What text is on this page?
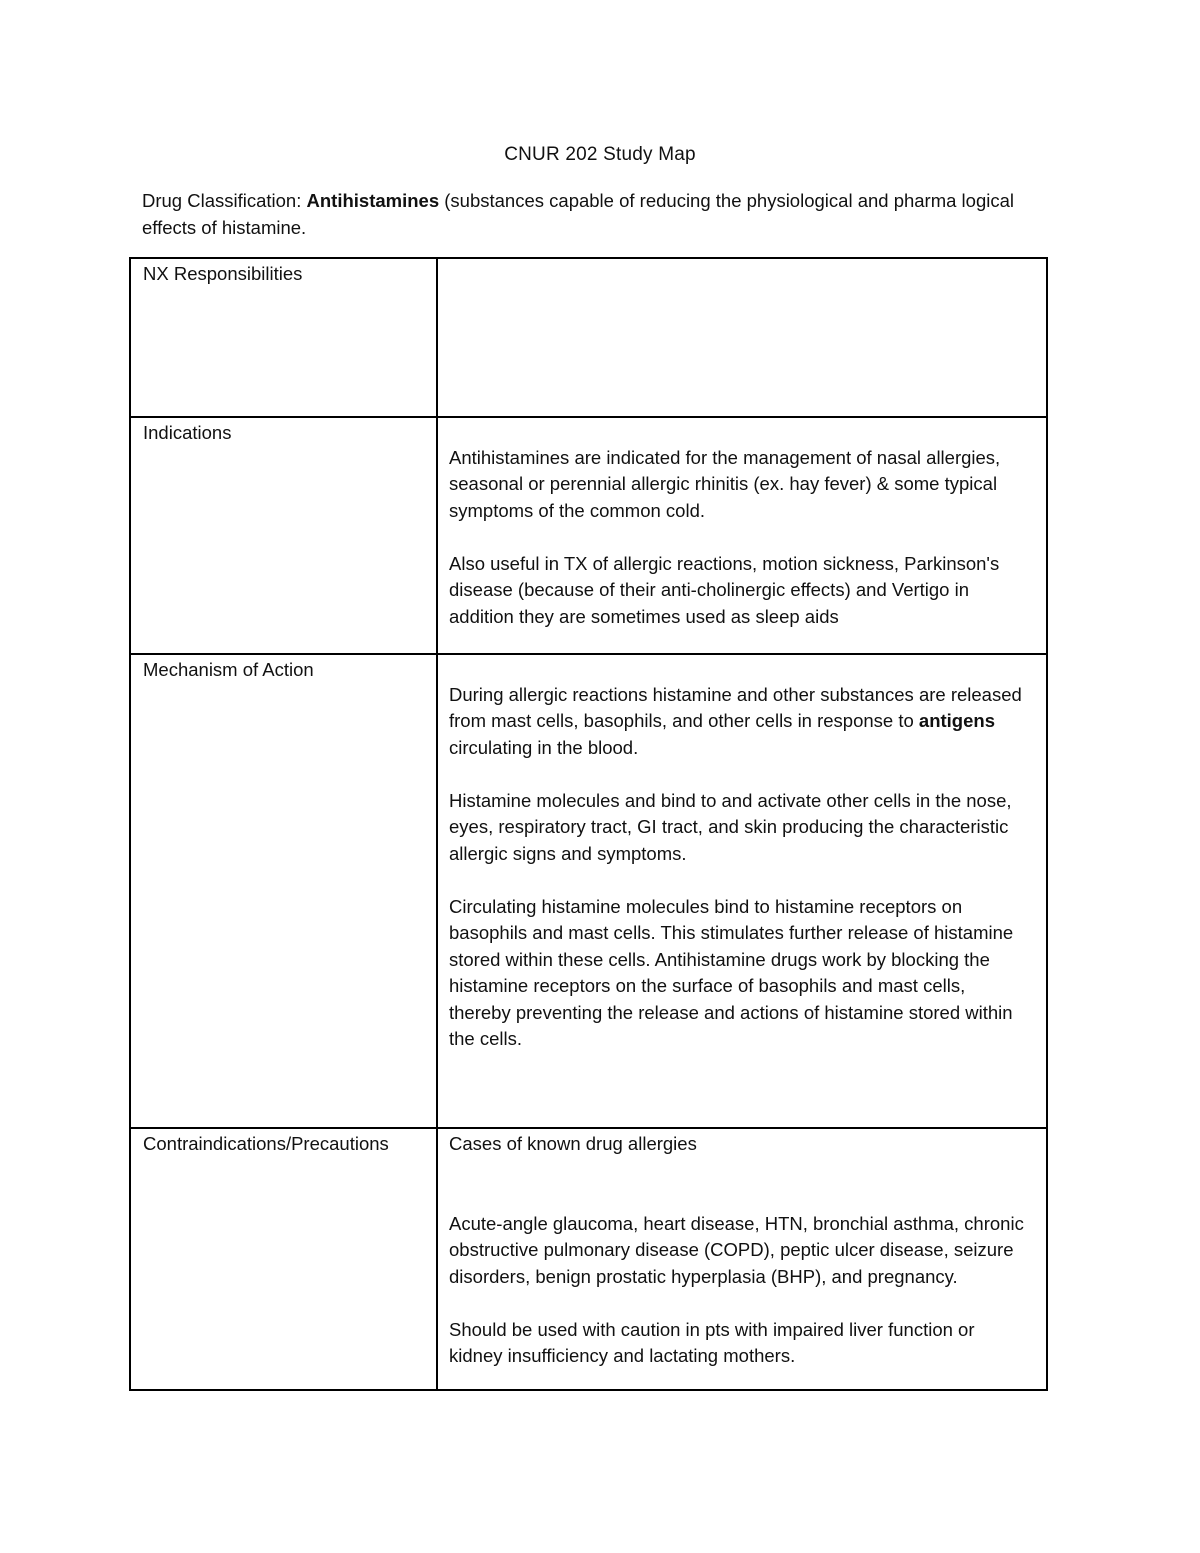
CNUR 202 Study Map
Drug Classification: Antihistamines (substances capable of reducing the physiological and pharma logical effects of histamine.
NX Responsibilities	

Indications	Antihistamines are indicated for the management of nasal allergies, seasonal or perennial allergic rhinitis (ex. hay fever) & some typical symptoms of the common cold.
Also useful in TX of allergic reactions, motion sickness, Parkinson's disease (because of their anti-cholinergic effects) and Vertigo in addition they are sometimes used as sleep aids

Mechanism of Action	During allergic reactions histamine and other substances are released from mast cells, basophils, and other cells in response to antigens circulating in the blood.
Histamine molecules and bind to and activate other cells in the nose, eyes, respiratory tract, GI tract, and skin producing the characteristic allergic signs and symptoms.
Circulating histamine molecules bind to histamine receptors on basophils and mast cells. This stimulates further release of histamine stored within these cells. Antihistamine drugs work by blocking the histamine receptors on the surface of basophils and mast cells, thereby preventing the release and actions of histamine stored within the cells.

Contraindications/Precautions	Cases of known drug allergies
Acute-angle glaucoma, heart disease, HTN, bronchial asthma, chronic obstructive pulmonary disease (COPD), peptic ulcer disease, seizure disorders, benign prostatic hyperplasia (BHP), and pregnancy.
Should be used with caution in pts with impaired liver function or kidney insufficiency and lactating mothers.
